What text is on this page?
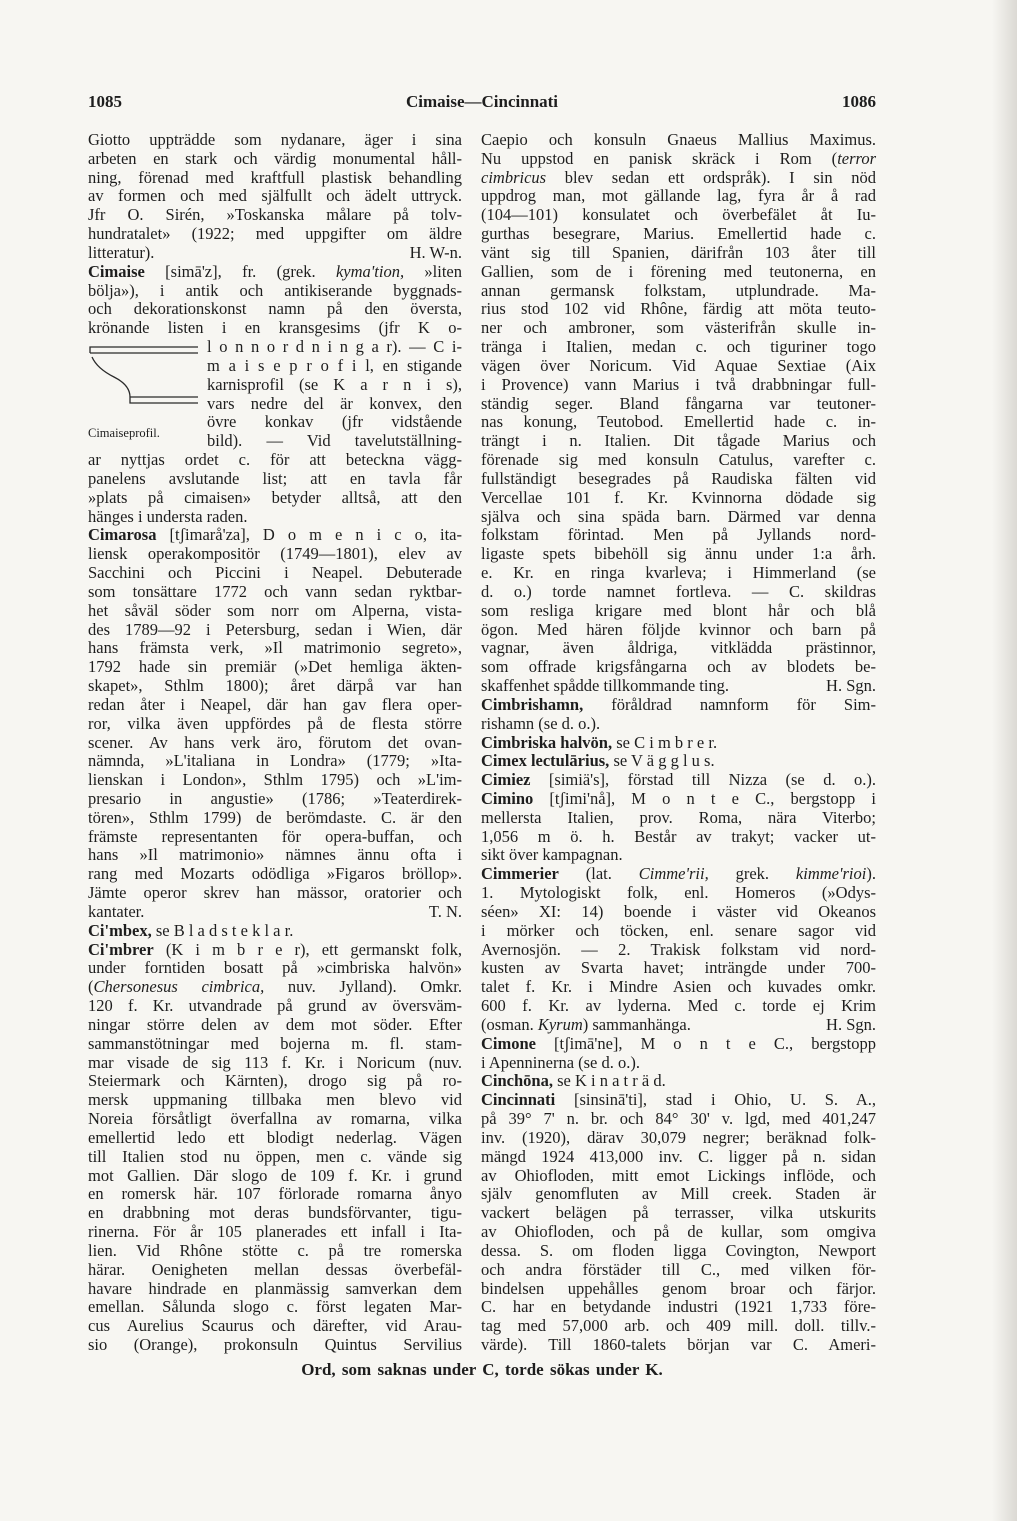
1085	Cimaise—Cincinnati	1086
Giotto uppträdde som nydanare, äger i sina
arbeten en stark och värdig monumental håll-
ning, förenad med kraftfull plastisk behandling
av formen och med själfullt och ädelt uttryck.
Jfr O. Sirén, »Toskanska målare på tolv-
hundratalet» (1922; med uppgifter om äldre
litteratur).	H. W-n.
Cimaise [simā'z], fr. (grek. kyma'tion, »liten
bölja»), i antik och antikiserande byggnads-
och dekorationskonst namn på den översta,
krönande listen i en kransgesims (jfr K o-
l o n n o r d n i n g a r). — C i-
m a i s e p r o f i l, en stigande
karnisprofil (se K a r n i s),
vars nedre del är konvex, den
övre konkav (jfr vidstående
bild). — Vid tavelutställning-
ar nyttjas ordet c. för att beteckna vägg-
panelens avslutande list; att en tavla får
»plats på cimaisen» betyder alltså, att den
hänges i understa raden.
Cimarosa [tʃimarå'za], D o m e n i c o, ita-
liensk operakompositör (1749—1801), elev av
Sacchini och Piccini i Neapel. Debuterade
som tonsättare 1772 och vann sedan ryktbar-
het såväl söder som norr om Alperna, vista-
des 1789—92 i Petersburg, sedan i Wien, där
hans främsta verk, »Il matrimonio segreto»,
1792 hade sin premiär (»Det hemliga äkten-
skapet», Sthlm 1800); året därpå var han
redan åter i Neapel, där han gav flera oper-
ror, vilka även uppfördes på de flesta större
scener. Av hans verk äro, förutom det ovan-
nämnda, »L'italiana in Londra» (1779; »Ita-
lienskan i London», Sthlm 1795) och »L'im-
presario in angustie» (1786; »Teaterdirek-
tören», Sthlm 1799) de berömdaste. C. är den
främste representanten för opera-buffan, och
hans »Il matrimonio» nämnes ännu ofta i
rang med Mozarts odödliga »Figaros bröllop».
Jämte operor skrev han mässor, oratorier och
kantater.	T. N.
Ci'mbex, se B l a d s t e k l a r.
Ci'mbrer (K i m b r e r), ett germanskt folk,
under forntiden bosatt på »cimbriska halvön»
(Chersonesus cimbrica, nuv. Jylland). Omkr.
120 f. Kr. utvandrade på grund av översväm-
ningar större delen av dem mot söder. Efter
sammanstötningar med bojerna m. fl. stam-
mar visade de sig 113 f. Kr. i Noricum (nuv.
Steiermark och Kärnten), drogo sig på ro-
mersk uppmaning tillbaka men blevo vid
Noreia försåtligt överfallna av romarna, vilka
emellertid ledo ett blodigt nederlag. Vägen
till Italien stod nu öppen, men c. vände sig
mot Gallien. Där slogo de 109 f. Kr. i grund
en romersk här. 107 förlorade romarna ånyo
en drabbning mot deras bundsförvanter, tigu-
rinerna. För år 105 planerades ett infall i Ita-
lien. Vid Rhône stötte c. på tre romerska
härar. Oenigheten mellan dessas överbefäl-
havare hindrade en planmässig samverkan dem
emellan. Sålunda slogo c. först legaten Mar-
cus Aurelius Scaurus och därefter, vid Arau-
sio (Orange), prokonsuln Quintus Servilius
Caepio och konsuln Gnaeus Mallius Maximus.
Nu uppstod en panisk skräck i Rom (terror
cimbricus blev sedan ett ordspråk). I sin nöd
uppdrog man, mot gällande lag, fyra år å rad
(104—101) konsulatet och överbefälet åt Iu-
gurthas besegrare, Marius. Emellertid hade c.
vänt sig till Spanien, därifrån 103 åter till
Gallien, som de i förening med teutonerna, en
annan germansk folkstam, utplundrade. Ma-
rius stod 102 vid Rhône, färdig att möta teuto-
ner och ambroner, som västerifrån skulle in-
tränga i Italien, medan c. och tiguriner togo
vägen över Noricum. Vid Aquae Sextiae (Aix
i Provence) vann Marius i två drabbningar full-
ständig seger. Bland fångarna var teutoner-
nas konung, Teutobod. Emellertid hade c. in-
trängt i n. Italien. Dit tågade Marius och
förenade sig med konsuln Catulus, varefter c.
fullständigt besegrades på Raudiska fälten vid
Vercellae 101 f. Kr. Kvinnorna dödade sig
själva och sina späda barn. Därmed var denna
folkstam förintad. Men på Jyllands nord-
ligaste spets bibehöll sig ännu under 1:a årh.
e. Kr. en ringa kvarleva; i Himmerland (se
d. o.) torde namnet fortleva. — C. skildras
som resliga krigare med blont hår och blå
ögon. Med hären följde kvinnor och barn på
vagnar, även åldriga, vitklädda prästinnor,
som offrade krigsfångarna och av blodets be-
skaffenhet spådde tillkommande ting.	H. Sgn.
Cimbrishamn, föråldrad namnform för Sim-
rishamn (se d. o.).
Cimbriska halvön, se C i m b r e r.
Cimex lectulārius, se V ä g g l u s.
Cimiez [simiä's], förstad till Nizza (se d. o.).
Cimino [tʃimi'nå], M o n t e C., bergstopp i
mellersta Italien, prov. Roma, nära Viterbo;
1,056 m ö. h. Består av trakyt; vacker ut-
sikt över kampagnan.
Cimmerier (lat. Cimme'rii, grek. kimme'rioi).
1. Mytologiskt folk, enl. Homeros (»Odys-
séen» XI: 14) boende i väster vid Okeanos
i mörker och töcken, enl. senare sagor vid
Avernosjön. — 2. Trakisk folkstam vid nord-
kusten av Svarta havet; inträngde under 700-
talet f. Kr. i Mindre Asien och kuvades omkr.
600 f. Kr. av lyderna. Med c. torde ej Krim
(osman. Kyrum) sammanhänga.	H. Sgn.
Cimone [tʃimā'ne], M o n t e C., bergstopp
i Apenninerna (se d. o.).
Cinchōna, se K i n a t r ä d.
Cincinnati [sinsinā'ti], stad i Ohio, U. S. A.,
på 39° 7' n. br. och 84° 30' v. lgd, med 401,247
inv. (1920), därav 30,079 negrer; beräknad folk-
mängd 1924 413,000 inv. C. ligger på n. sidan
av Ohiofloden, mitt emot Lickings inflöde, och
själv genomfluten av Mill creek. Staden är
vackert belägen på terrasser, vilka utskurits
av Ohiofloden, och på de kullar, som omgiva
dessa. S. om floden ligga Covington, Newport
och andra förstäder till C., med vilken för-
bindelsen uppehålles genom broar och färjor.
C. har en betydande industri (1921 1,733 före-
tag med 57,000 arb. och 409 mill. doll. tillv.-
värde). Till 1860-talets början var C. Ameri-
Cimaiseprofil.
Ord, som saknas under C, torde sökas under K.
